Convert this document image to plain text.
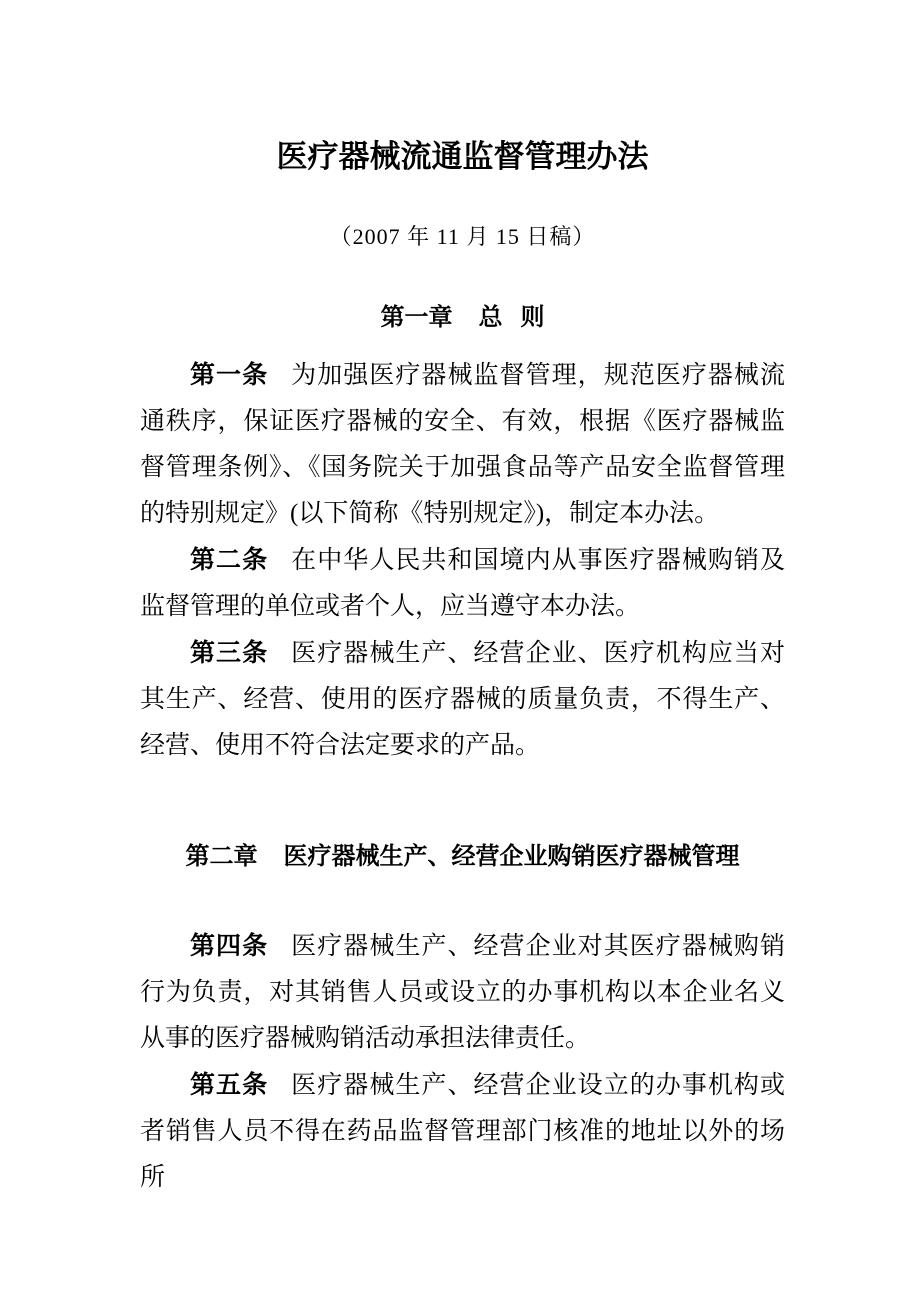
医疗器械流通监督管理办法

（2007 年 11 月 15 日稿）

第一章 总 则

第一条 为加强医疗器械监督管理，规范医疗器械流通秩序，保证医疗器械的安全、有效，根据《医疗器械监督管理条例》、《国务院关于加强食品等产品安全监督管理的特别规定》(以下简称《特别规定》)，制定本办法。

第二条 在中华人民共和国境内从事医疗器械购销及监督管理的单位或者个人，应当遵守本办法。

第三条 医疗器械生产、经营企业、医疗机构应当对其生产、经营、使用的医疗器械的质量负责，不得生产、经营、使用不符合法定要求的产品。

第二章 医疗器械生产、经营企业购销医疗器械管理

第四条 医疗器械生产、经营企业对其医疗器械购销行为负责，对其销售人员或设立的办事机构以本企业名义从事的医疗器械购销活动承担法律责任。

第五条 医疗器械生产、经营企业设立的办事机构或者销售人员不得在药品监督管理部门核准的地址以外的场所
